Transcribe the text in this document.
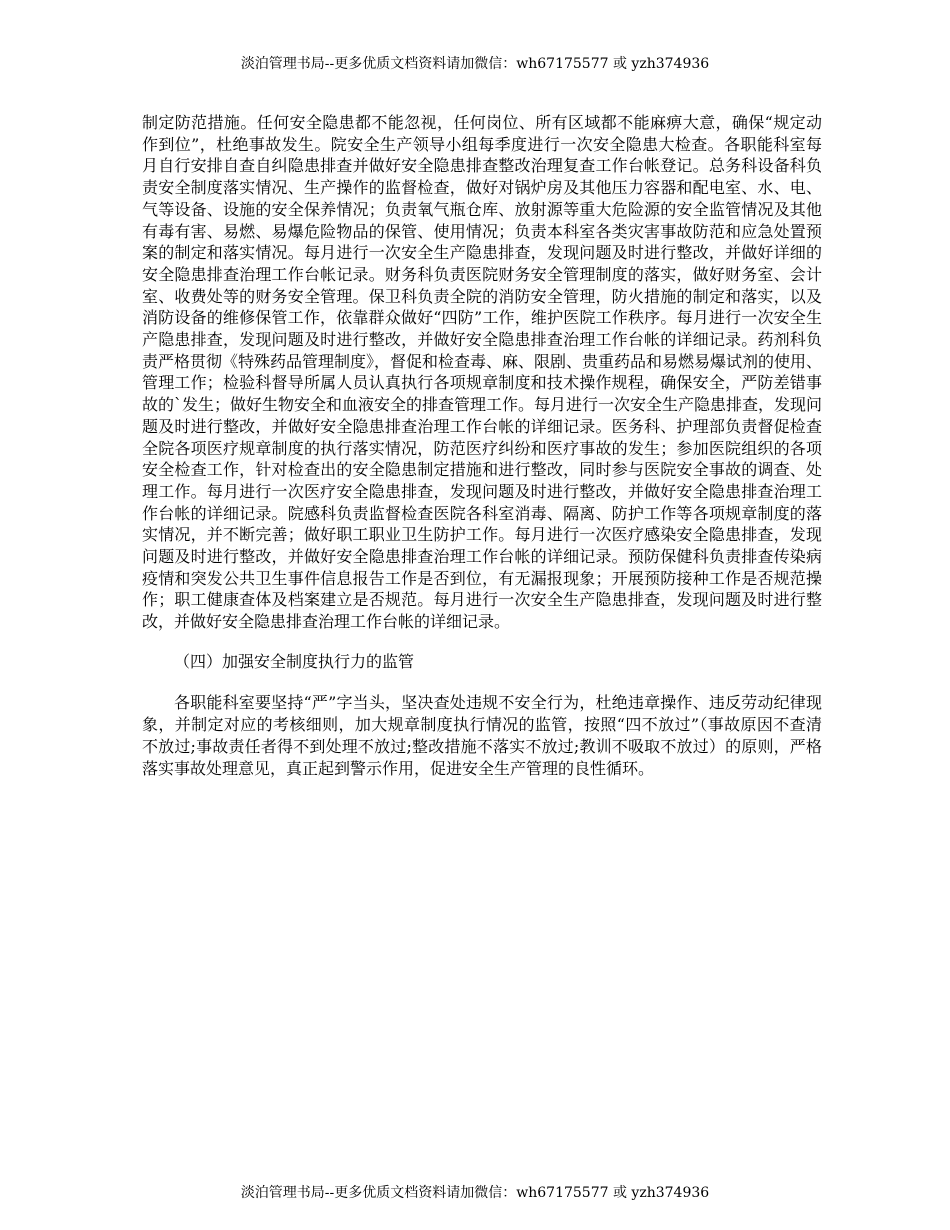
淡泊管理书局--更多优质文档资料请加微信：wh67175577 或 yzh374936

制定防范措施。任何安全隐患都不能忽视，任何岗位、所有区域都不能麻痹大意，确保“规定动作到位”，杜绝事故发生。院安全生产领导小组每季度进行一次安全隐患大检查。各职能科室每月自行安排自查自纠隐患排查并做好安全隐患排查整改治理复查工作台帐登记。总务科设备科负责安全制度落实情况、生产操作的监督检查，做好对锅炉房及其他压力容器和配电室、水、电、气等设备、设施的安全保养情况；负责氧气瓶仓库、放射源等重大危险源的安全监管情况及其他有毒有害、易燃、易爆危险物品的保管、使用情况；负责本科室各类灾害事故防范和应急处置预案的制定和落实情况。每月进行一次安全生产隐患排查，发现问题及时进行整改，并做好详细的安全隐患排查治理工作台帐记录。财务科负责医院财务安全管理制度的落实，做好财务室、会计室、收费处等的财务安全管理。保卫科负责全院的消防安全管理，防火措施的制定和落实，以及消防设备的维修保管工作，依靠群众做好“四防”工作，维护医院工作秩序。每月进行一次安全生产隐患排查，发现问题及时进行整改，并做好安全隐患排查治理工作台帐的详细记录。药剂科负责严格贯彻《特殊药品管理制度》，督促和检查毒、麻、限剧、贵重药品和易燃易爆试剂的使用、管理工作；检验科督导所属人员认真执行各项规章制度和技术操作规程，确保安全，严防差错事故的`发生；做好生物安全和血液安全的排查管理工作。每月进行一次安全生产隐患排查，发现问题及时进行整改，并做好安全隐患排查治理工作台帐的详细记录。医务科、护理部负责督促检查全院各项医疗规章制度的执行落实情况，防范医疗纠纷和医疗事故的发生；参加医院组织的各项安全检查工作，针对检查出的安全隐患制定措施和进行整改，同时参与医院安全事故的调查、处理工作。每月进行一次医疗安全隐患排查，发现问题及时进行整改，并做好安全隐患排查治理工作台帐的详细记录。院感科负责监督检查医院各科室消毒、隔离、防护工作等各项规章制度的落实情况，并不断完善；做好职工职业卫生防护工作。每月进行一次医疗感染安全隐患排查，发现问题及时进行整改，并做好安全隐患排查治理工作台帐的详细记录。预防保健科负责排查传染病疫情和突发公共卫生事件信息报告工作是否到位，有无漏报现象；开展预防接种工作是否规范操作；职工健康查体及档案建立是否规范。每月进行一次安全生产隐患排查，发现问题及时进行整改，并做好安全隐患排查治理工作台帐的详细记录。

（四）加强安全制度执行力的监管

各职能科室要坚持“严”字当头，坚决查处违规不安全行为，杜绝违章操作、违反劳动纪律现象，并制定对应的考核细则，加大规章制度执行情况的监管，按照“四不放过”（事故原因不查清不放过;事故责任者得不到处理不放过;整改措施不落实不放过;教训不吸取不放过）的原则，严格落实事故处理意见，真正起到警示作用，促进安全生产管理的良性循环。

淡泊管理书局--更多优质文档资料请加微信：wh67175577 或 yzh374936
